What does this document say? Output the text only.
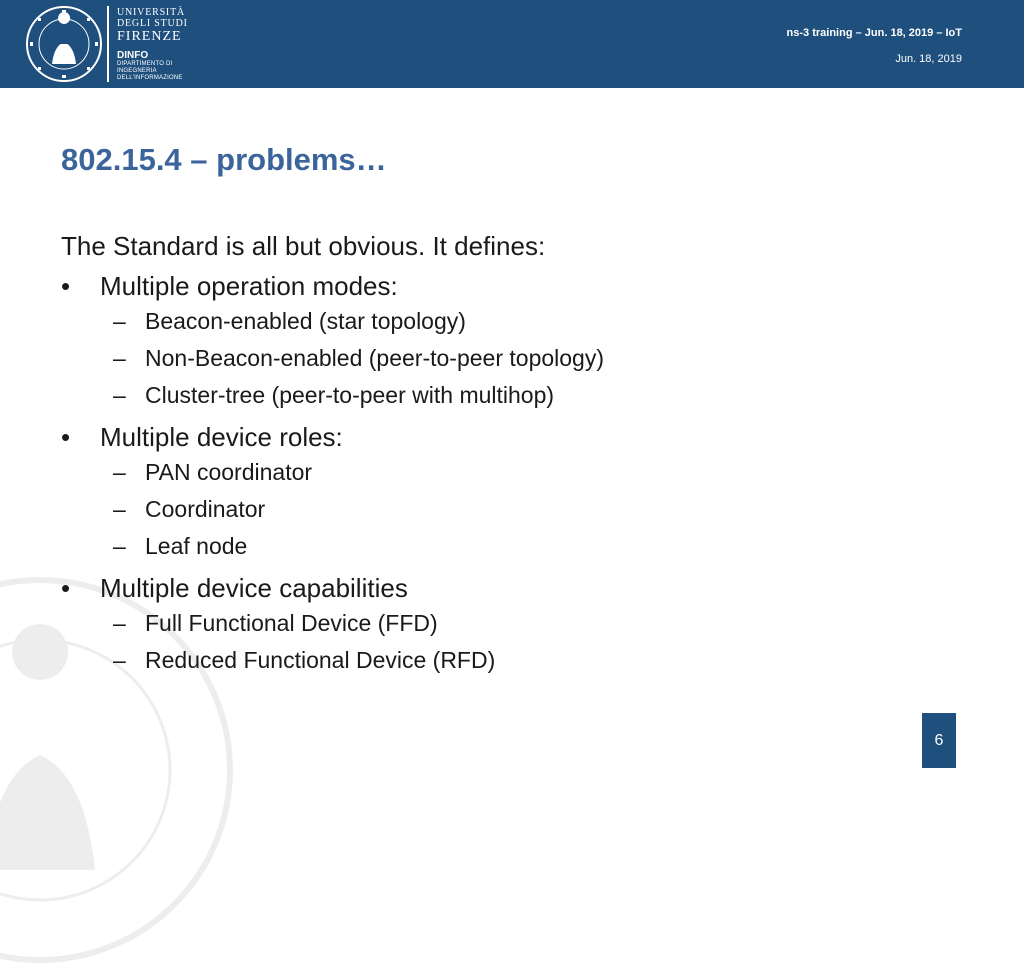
UNIVERSITÀ
DEGLI STUDI
FIRENZE
DINFO
DIPARTIMENTO DI
INGEGNERIA
DELL'INFORMAZIONE
ns-3 training – Jun. 18, 2019 – IoT
Jun. 18, 2019
802.15.4 – problems…
The Standard is all but obvious. It defines:
•	Multiple operation modes:
– Beacon-enabled (star topology)
– Non-Beacon-enabled (peer-to-peer topology)
– Cluster-tree (peer-to-peer with multihop)
•	Multiple device roles:
– PAN coordinator
– Coordinator
– Leaf node
•	Multiple device capabilities
– Full Functional Device (FFD)
– Reduced Functional Device (RFD)
6
